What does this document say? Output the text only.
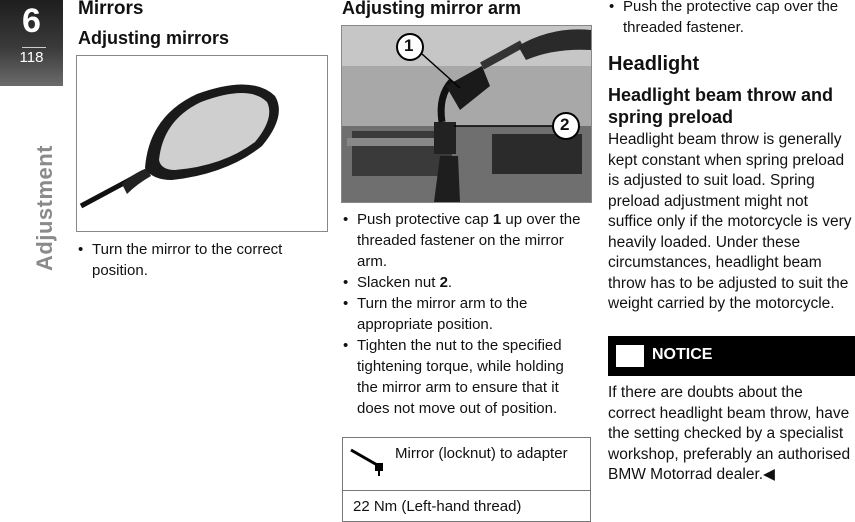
6
118
Adjustment
Mirrors
Adjusting mirrors
• Turn the mirror to the correct position.
Adjusting mirror arm
1
2
• Push protective cap 1 up over the threaded fastener on the mirror arm.
• Slacken nut 2.
• Turn the mirror arm to the appropriate position.
• Tighten the nut to the specified tightening torque, while holding the mirror arm to ensure that it does not move out of position.
Mirror (locknut) to adapter
22 Nm (Left-hand thread)
• Push the protective cap over the threaded fastener.
Headlight
Headlight beam throw and spring preload

Headlight beam throw is generally kept constant when spring preload is adjusted to suit load. Spring preload adjustment might not suffice only if the motorcycle is very heavily loaded. Under these circumstances, headlight beam throw has to be adjusted to suit the weight carried by the motorcycle.

NOTICE

If there are doubts about the correct headlight beam throw, have the setting checked by a specialist workshop, preferably an authorised BMW Motorrad dealer.◀
